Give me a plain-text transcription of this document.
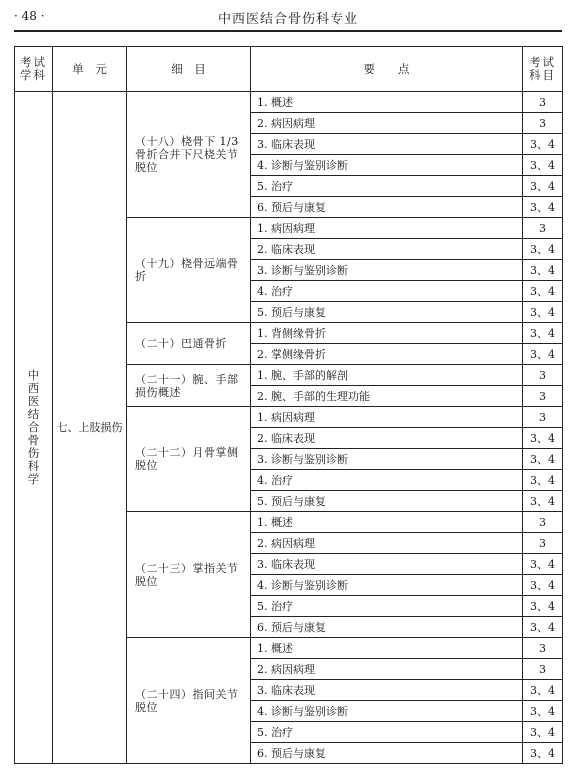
· 48 ·	中西医结合骨伤科专业
考试学科	单　元	细　目	要　　点	考试科目
中西医结合骨伤科学	七、上肢损伤	（十八）桡骨下 1/3 骨折合并下尺桡关节脱位	1. 概述	3
			2. 病因病理	3
			3. 临床表现	3、4
			4. 诊断与鉴别诊断	3、4
			5. 治疗	3、4
			6. 预后与康复	3、4
		（十九）桡骨远端骨折	1. 病因病理	3
			2. 临床表现	3、4
			3. 诊断与鉴别诊断	3、4
			4. 治疗	3、4
			5. 预后与康复	3、4
		（二十）巴通骨折	1. 背侧缘骨折	3、4
			2. 掌侧缘骨折	3、4
		（二十一）腕、手部损伤概述	1. 腕、手部的解剖	3
			2. 腕、手部的生理功能	3
		（二十二）月骨掌侧脱位	1. 病因病理	3
			2. 临床表现	3、4
			3. 诊断与鉴别诊断	3、4
			4. 治疗	3、4
			5. 预后与康复	3、4
		（二十三）掌指关节脱位	1. 概述	3
			2. 病因病理	3
			3. 临床表现	3、4
			4. 诊断与鉴别诊断	3、4
			5. 治疗	3、4
			6. 预后与康复	3、4
		（二十四）指间关节脱位	1. 概述	3
			2. 病因病理	3
			3. 临床表现	3、4
			4. 诊断与鉴别诊断	3、4
			5. 治疗	3、4
			6. 预后与康复	3、4
